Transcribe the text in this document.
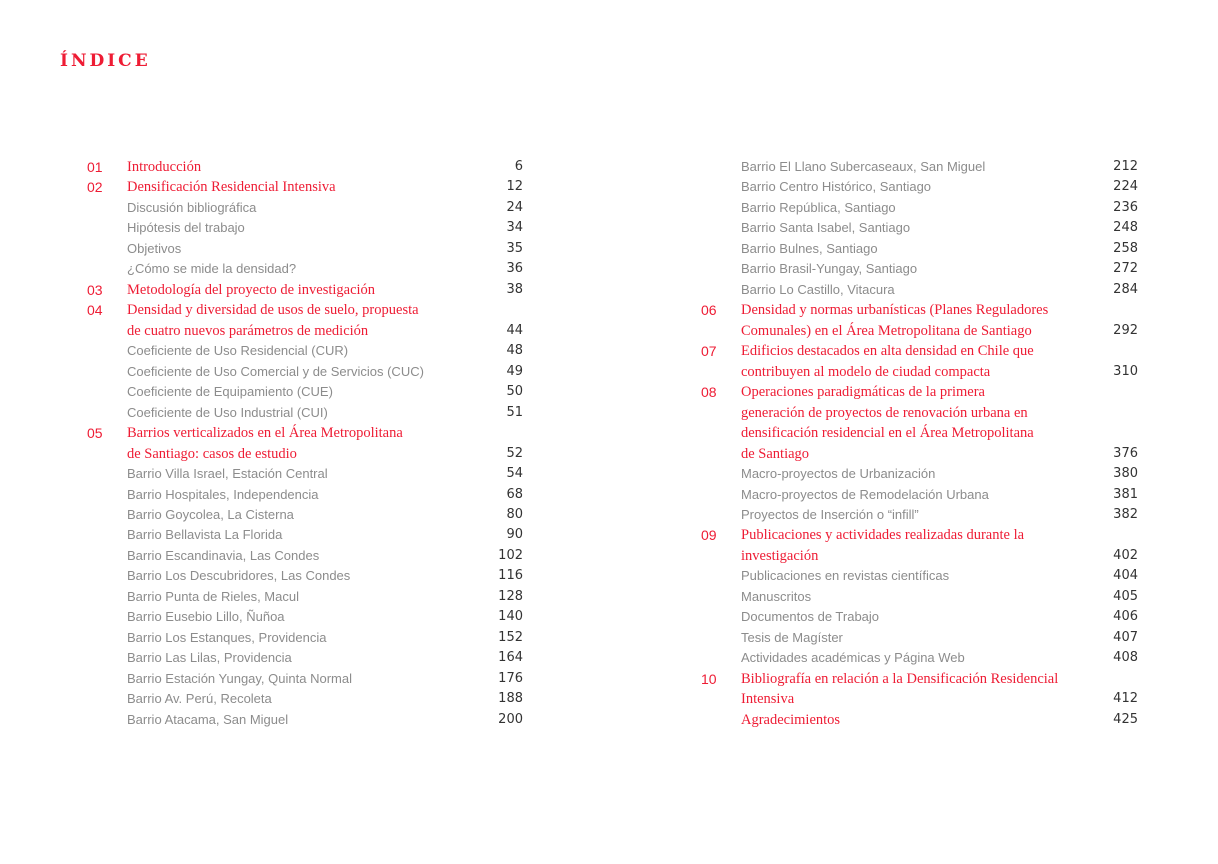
ÍNDICE
01 Introducción	6
02 Densificación Residencial Intensiva	12
Discusión bibliográfica	24
Hipótesis del trabajo	34
Objetivos	35
¿Cómo se mide la densidad?	36
03 Metodología del proyecto de investigación	38
04 Densidad y diversidad de usos de suelo, propuesta
de cuatro nuevos parámetros de medición	44
Coeficiente de Uso Residencial (CUR)	48
Coeficiente de Uso Comercial y de Servicios (CUC)	49
Coeficiente de Equipamiento (CUE)	50
Coeficiente de Uso Industrial (CUI)	51
05 Barrios verticalizados en el Área Metropolitana
de Santiago: casos de estudio	52
Barrio Villa Israel, Estación Central	54
Barrio Hospitales, Independencia	68
Barrio Goycolea, La Cisterna	80
Barrio Bellavista La Florida	90
Barrio Escandinavia, Las Condes	102
Barrio Los Descubridores, Las Condes	116
Barrio Punta de Rieles, Macul	128
Barrio Eusebio Lillo, Ñuñoa	140
Barrio Los Estanques, Providencia	152
Barrio Las Lilas, Providencia	164
Barrio Estación Yungay, Quinta Normal	176
Barrio Av. Perú, Recoleta	188
Barrio Atacama, San Miguel	200
Barrio El Llano Subercaseaux, San Miguel	212
Barrio Centro Histórico, Santiago	224
Barrio República, Santiago	236
Barrio Santa Isabel, Santiago	248
Barrio Bulnes, Santiago	258
Barrio Brasil-Yungay, Santiago	272
Barrio Lo Castillo, Vitacura	284
06 Densidad y normas urbanísticas (Planes Reguladores
Comunales) en el Área Metropolitana de Santiago	292
07 Edificios destacados en alta densidad en Chile que
contribuyen al modelo de ciudad compacta	310
08 Operaciones paradigmáticas de la primera
generación de proyectos de renovación urbana en
densificación residencial en el Área Metropolitana
de Santiago	376
Macro-proyectos de Urbanización	380
Macro-proyectos de Remodelación Urbana	381
Proyectos de Inserción o “infill”	382
09 Publicaciones y actividades realizadas durante la
investigación	402
Publicaciones en revistas científicas	404
Manuscritos	405
Documentos de Trabajo	406
Tesis de Magíster	407
Actividades académicas y Página Web	408
10 Bibliografía en relación a la Densificación Residencial
Intensiva	412
Agradecimientos	425
